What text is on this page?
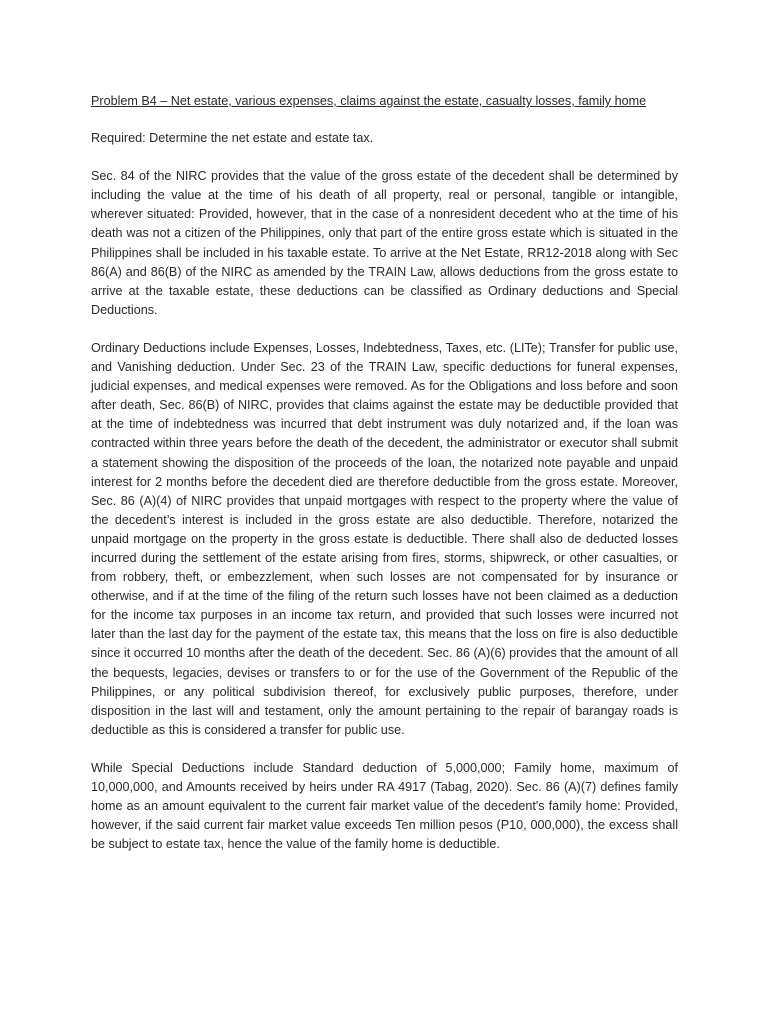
Problem B4 – Net estate, various expenses, claims against the estate, casualty losses, family home

Required: Determine the net estate and estate tax.

Sec. 84 of the NIRC provides that the value of the gross estate of the decedent shall be determined by including the value at the time of his death of all property, real or personal, tangible or intangible, wherever situated: Provided, however, that in the case of a nonresident decedent who at the time of his death was not a citizen of the Philippines, only that part of the entire gross estate which is situated in the Philippines shall be included in his taxable estate. To arrive at the Net Estate, RR12-2018 along with Sec 86(A) and 86(B) of the NIRC as amended by the TRAIN Law, allows deductions from the gross estate to arrive at the taxable estate, these deductions can be classified as Ordinary deductions and Special Deductions.

Ordinary Deductions include Expenses, Losses, Indebtedness, Taxes, etc. (LITe); Transfer for public use, and Vanishing deduction. Under Sec. 23 of the TRAIN Law, specific deductions for funeral expenses, judicial expenses, and medical expenses were removed. As for the Obligations and loss before and soon after death, Sec. 86(B) of NIRC, provides that claims against the estate may be deductible provided that at the time of indebtedness was incurred that debt instrument was duly notarized and, if the loan was contracted within three years before the death of the decedent, the administrator or executor shall submit a statement showing the disposition of the proceeds of the loan, the notarized note payable and unpaid interest for 2 months before the decedent died are therefore deductible from the gross estate. Moreover, Sec. 86 (A)(4) of NIRC provides that unpaid mortgages with respect to the property where the value of the decedent’s interest is included in the gross estate are also deductible. Therefore, notarized the unpaid mortgage on the property in the gross estate is deductible. There shall also de deducted losses incurred during the settlement of the estate arising from fires, storms, shipwreck, or other casualties, or from robbery, theft, or embezzlement, when such losses are not compensated for by insurance or otherwise, and if at the time of the filing of the return such losses have not been claimed as a deduction for the income tax purposes in an income tax return, and provided that such losses were incurred not later than the last day for the payment of the estate tax, this means that the loss on fire is also deductible since it occurred 10 months after the death of the decedent. Sec. 86 (A)(6) provides that the amount of all the bequests, legacies, devises or transfers to or for the use of the Government of the Republic of the Philippines, or any political subdivision thereof, for exclusively public purposes, therefore, under disposition in the last will and testament, only the amount pertaining to the repair of barangay roads is deductible as this is considered a transfer for public use.

While Special Deductions include Standard deduction of 5,000,000; Family home, maximum of 10,000,000, and Amounts received by heirs under RA 4917 (Tabag, 2020). Sec. 86 (A)(7) defines family home as an amount equivalent to the current fair market value of the decedent's family home: Provided, however, if the said current fair market value exceeds Ten million pesos (P10, 000,000), the excess shall be subject to estate tax, hence the value of the family home is deductible.
